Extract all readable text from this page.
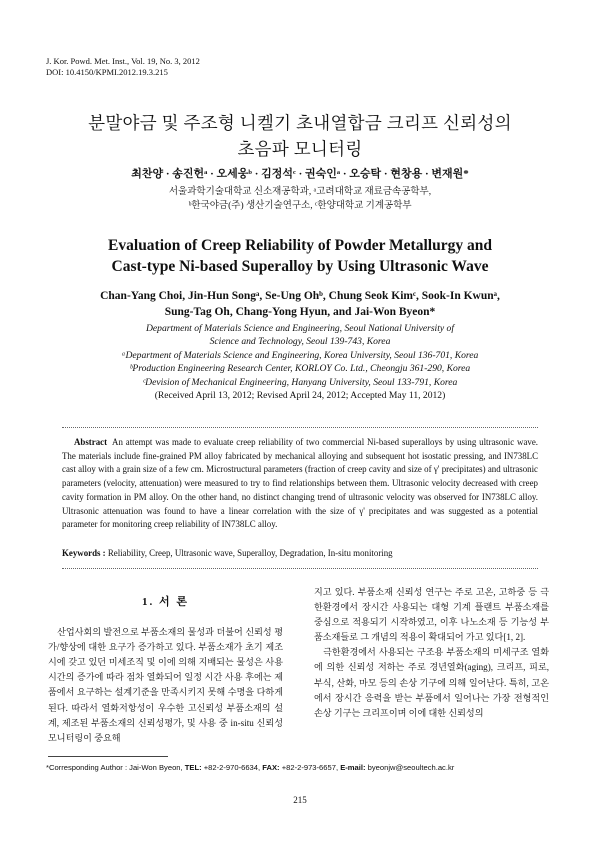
J. Kor. Powd. Met. Inst., Vol. 19, No. 3, 2012
DOI: 10.4150/KPMI.2012.19.3.215
분말야금 및 주조형 니켈기 초내열합금 크리프 신뢰성의
초음파 모니터링
최찬양 · 송진헌ᵃ · 오세웅ᵇ · 김정석ᶜ · 권숙인ᵃ · 오승탁 · 현창용 · 변재원*
서울과학기술대학교 신소재공학과, ᵃ고려대학교 재료금속공학부,
ᵇ한국야금(주) 생산기술연구소, ᶜ한양대학교 기계공학부
Evaluation of Creep Reliability of Powder Metallurgy and
Cast-type Ni-based Superalloy by Using Ultrasonic Wave
Chan-Yang Choi, Jin-Hun Songᵃ, Se-Ung Ohᵇ, Chung Seok Kimᶜ, Sook-In Kwunᵃ,
Sung-Tag Oh, Chang-Yong Hyun, and Jai-Won Byeon*
Department of Materials Science and Engineering, Seoul National University of
Science and Technology, Seoul 139-743, Korea
ᵃDepartment of Materials Science and Engineering, Korea University, Seoul 136-701, Korea
ᵇProduction Engineering Research Center, KORLOY Co. Ltd., Cheongju 361-290, Korea
ᶜDevision of Mechanical Engineering, Hanyang University, Seoul 133-791, Korea
(Received April 13, 2012; Revised April 24, 2012; Accepted May 11, 2012)
Abstract An attempt was made to evaluate creep reliability of two commercial Ni-based superalloys by using ultrasonic wave. The materials include fine-grained PM alloy fabricated by mechanical alloying and subsequent hot isostatic pressing, and IN738LC cast alloy with a grain size of a few cm. Microstructural parameters (fraction of creep cavity and size of γ' precipitates) and ultrasonic parameters (velocity, attenuation) were measured to try to find relationships between them. Ultrasonic velocity decreased with creep cavity formation in PM alloy. On the other hand, no distinct changing trend of ultrasonic velocity was observed for IN738LC alloy. Ultrasonic attenuation was found to have a linear correlation with the size of γ' precipitates and was suggested as a potential parameter for monitoring creep reliability of IN738LC alloy.
Keywords : Reliability, Creep, Ultrasonic wave, Superalloy, Degradation, In-situ monitoring
1. 서 론

산업사회의 발전으로 부품소재의 물성과 더불어 신뢰성 평가/향상에 대한 요구가 증가하고 있다. 부품소재가 초기 제조 시에 갖고 있던 미세조직 및 이에 의해 지배되는 물성은 사용시간의 증가에 따라 점차 열화되어 일정 시간 사용 후에는 제품에서 요구하는 설계기준을 만족시키지 못해 수명을 다하게 된다. 따라서 열화저항성이 우수한 고신뢰성 부품소재의 설계, 제조된 부품소재의 신뢰성평가, 및 사용 중 in-situ 신뢰성 모니터링이 중요해

지고 있다. 부품소재 신뢰성 연구는 주로 고온, 고하중 등 극한환경에서 장시간 사용되는 대형 기계 플랜트 부품소재를 중심으로 적용되기 시작하였고, 이후 나노소재 등 기능성 부품소재들로 그 개념의 적용이 확대되어 가고 있다[1, 2].

극한환경에서 사용되는 구조용 부품소재의 미세구조 열화에 의한 신뢰성 저하는 주로 경년열화(aging), 크리프, 피로, 부식, 산화, 마모 등의 손상 기구에 의해 일어난다. 특히, 고온에서 장시간 응력을 받는 부품에서 일어나는 가장 전형적인 손상 기구는 크리프이며 이에 대한 신뢰성의

*Corresponding Author : Jai-Won Byeon, TEL: +82-2-970-6634, FAX: +82-2-973-6657, E-mail: byeonjw@seoultech.ac.kr
215
